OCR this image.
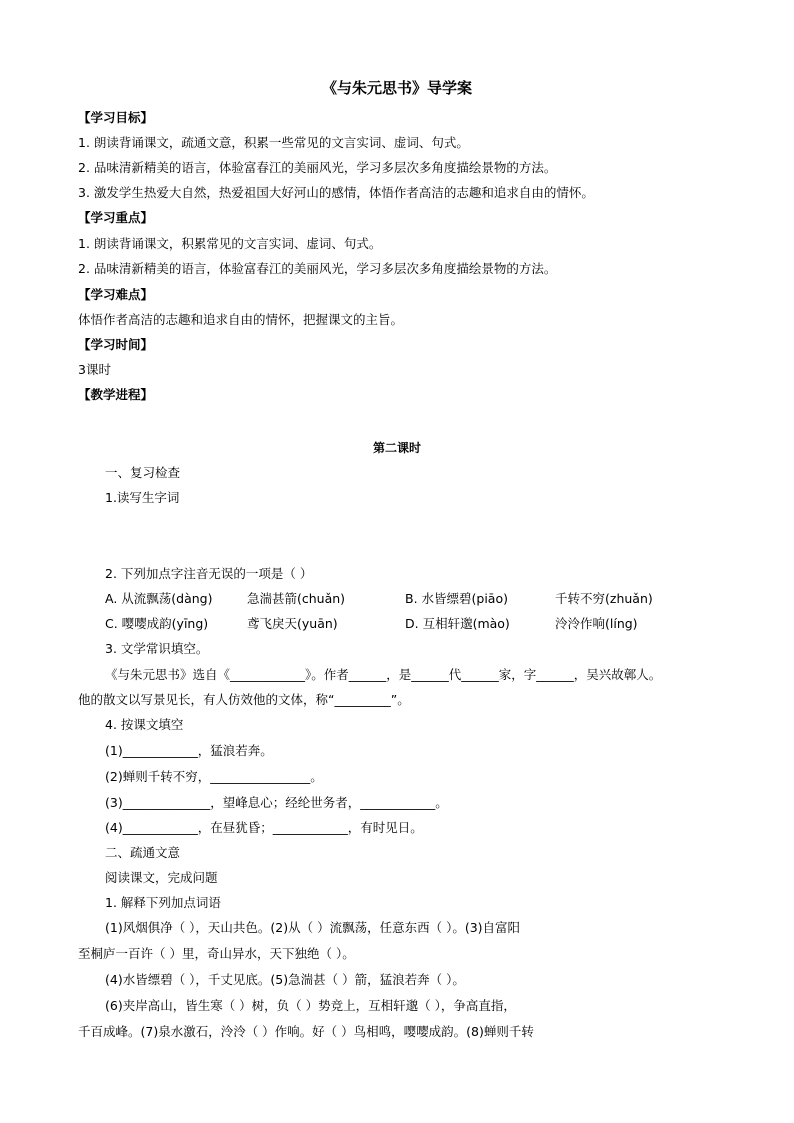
《与朱元思书》导学案
【学习目标】
1. 朗读背诵课文，疏通文意，积累一些常见的文言实词、虚词、句式。
2. 品味清新精美的语言，体验富春江的美丽风光，学习多层次多角度描绘景物的方法。
3. 激发学生热爱大自然，热爱祖国大好河山的感情，体悟作者高洁的志趣和追求自由的情怀。
【学习重点】
1. 朗读背诵课文，积累常见的文言实词、虚词、句式。
2. 品味清新精美的语言，体验富春江的美丽风光，学习多层次多角度描绘景物的方法。
【学习难点】
体悟作者高洁的志趣和追求自由的情怀，把握课文的主旨。
【学习时间】
3课时
【教学进程】
第二课时
一、复习检查
1.读写生字词
2. 下列加点字注音无误的一项是（ ）
A. 从流飘荡(dàng)	急湍甚箭(chuǎn)	B. 水皆缥碧(piāo)	千转不穷(zhuǎn)
C. 嘤嘤成韵(yīng)	鸢飞戾天(yuān)	D. 互相轩邈(mào)	泠泠作响(líng)
3. 文学常识填空。
《与朱元思书》选自《____________》。作者______，是______代______家，字______，吴兴故鄣人。
他的散文以写景见长，有人仿效他的文体，称“_________”。
4. 按课文填空
(1)____________，猛浪若奔。
(2)蝉则千转不穷，________________。
(3)______________，望峰息心；经纶世务者，____________。
(4)____________，在昼犹昏；____________，有时见日。
二、疏通文意
阅读课文，完成问题
1. 解释下列加点词语
(1)风烟俱净（ ），天山共色。(2)从（ ）流飘荡，任意东西（ ）。(3)自富阳
至桐庐一百许（ ）里，奇山异水，天下独绝（ ）。
(4)水皆缥碧（ ），千丈见底。(5)急湍甚（ ）箭，猛浪若奔（ ）。
(6)夹岸高山，皆生寒（ ）树，负（ ）势竞上，互相轩邈（ ），争高直指，
千百成峰。(7)泉水激石，泠泠（ ）作响。好（ ）鸟相鸣，嘤嘤成韵。(8)蝉则千转
